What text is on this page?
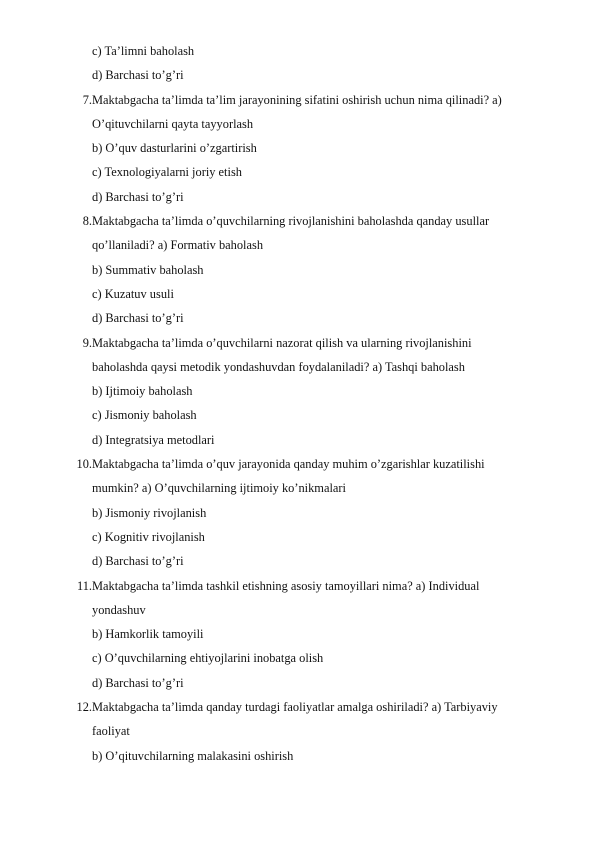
c) Ta’limni baholash
d) Barchasi to’g’ri
7. Maktabgacha ta’limda ta’lim jarayonining sifatini oshirish uchun nima qilinadi? a)
O’qituvchilarni qayta tayyorlash
b) O’quv dasturlarini o’zgartirish
c) Texnologiyalarni joriy etish
d) Barchasi to’g’ri
8. Maktabgacha ta’limda o’quvchilarning rivojlanishini baholashda qanday usullar
qo’llaniladi? a) Formativ baholash
b) Summativ baholash
c) Kuzatuv usuli
d) Barchasi to’g’ri
9. Maktabgacha ta’limda o’quvchilarni nazorat qilish va ularning rivojlanishini
baholashda qaysi metodik yondashuvdan foydalaniladi? a) Tashqi baholash
b) Ijtimoiy baholash
c) Jismoniy baholash
d) Integratsiya metodlari
10. Maktabgacha ta’limda o’quv jarayonida qanday muhim o’zgarishlar kuzatilishi
mumkin? a) O’quvchilarning ijtimoiy ko’nikmalari
b) Jismoniy rivojlanish
c) Kognitiv rivojlanish
d) Barchasi to’g’ri
11. Maktabgacha ta’limda tashkil etishning asosiy tamoyillari nima? a) Individual
yondashuv
b) Hamkorlik tamoyili
c) O’quvchilarning ehtiyojlarini inobatga olish
d) Barchasi to’g’ri
12. Maktabgacha ta’limda qanday turdagi faoliyatlar amalga oshiriladi? a) Tarbiyaviy
faoliyat
b) O’qituvchilarning malakasini oshirish
